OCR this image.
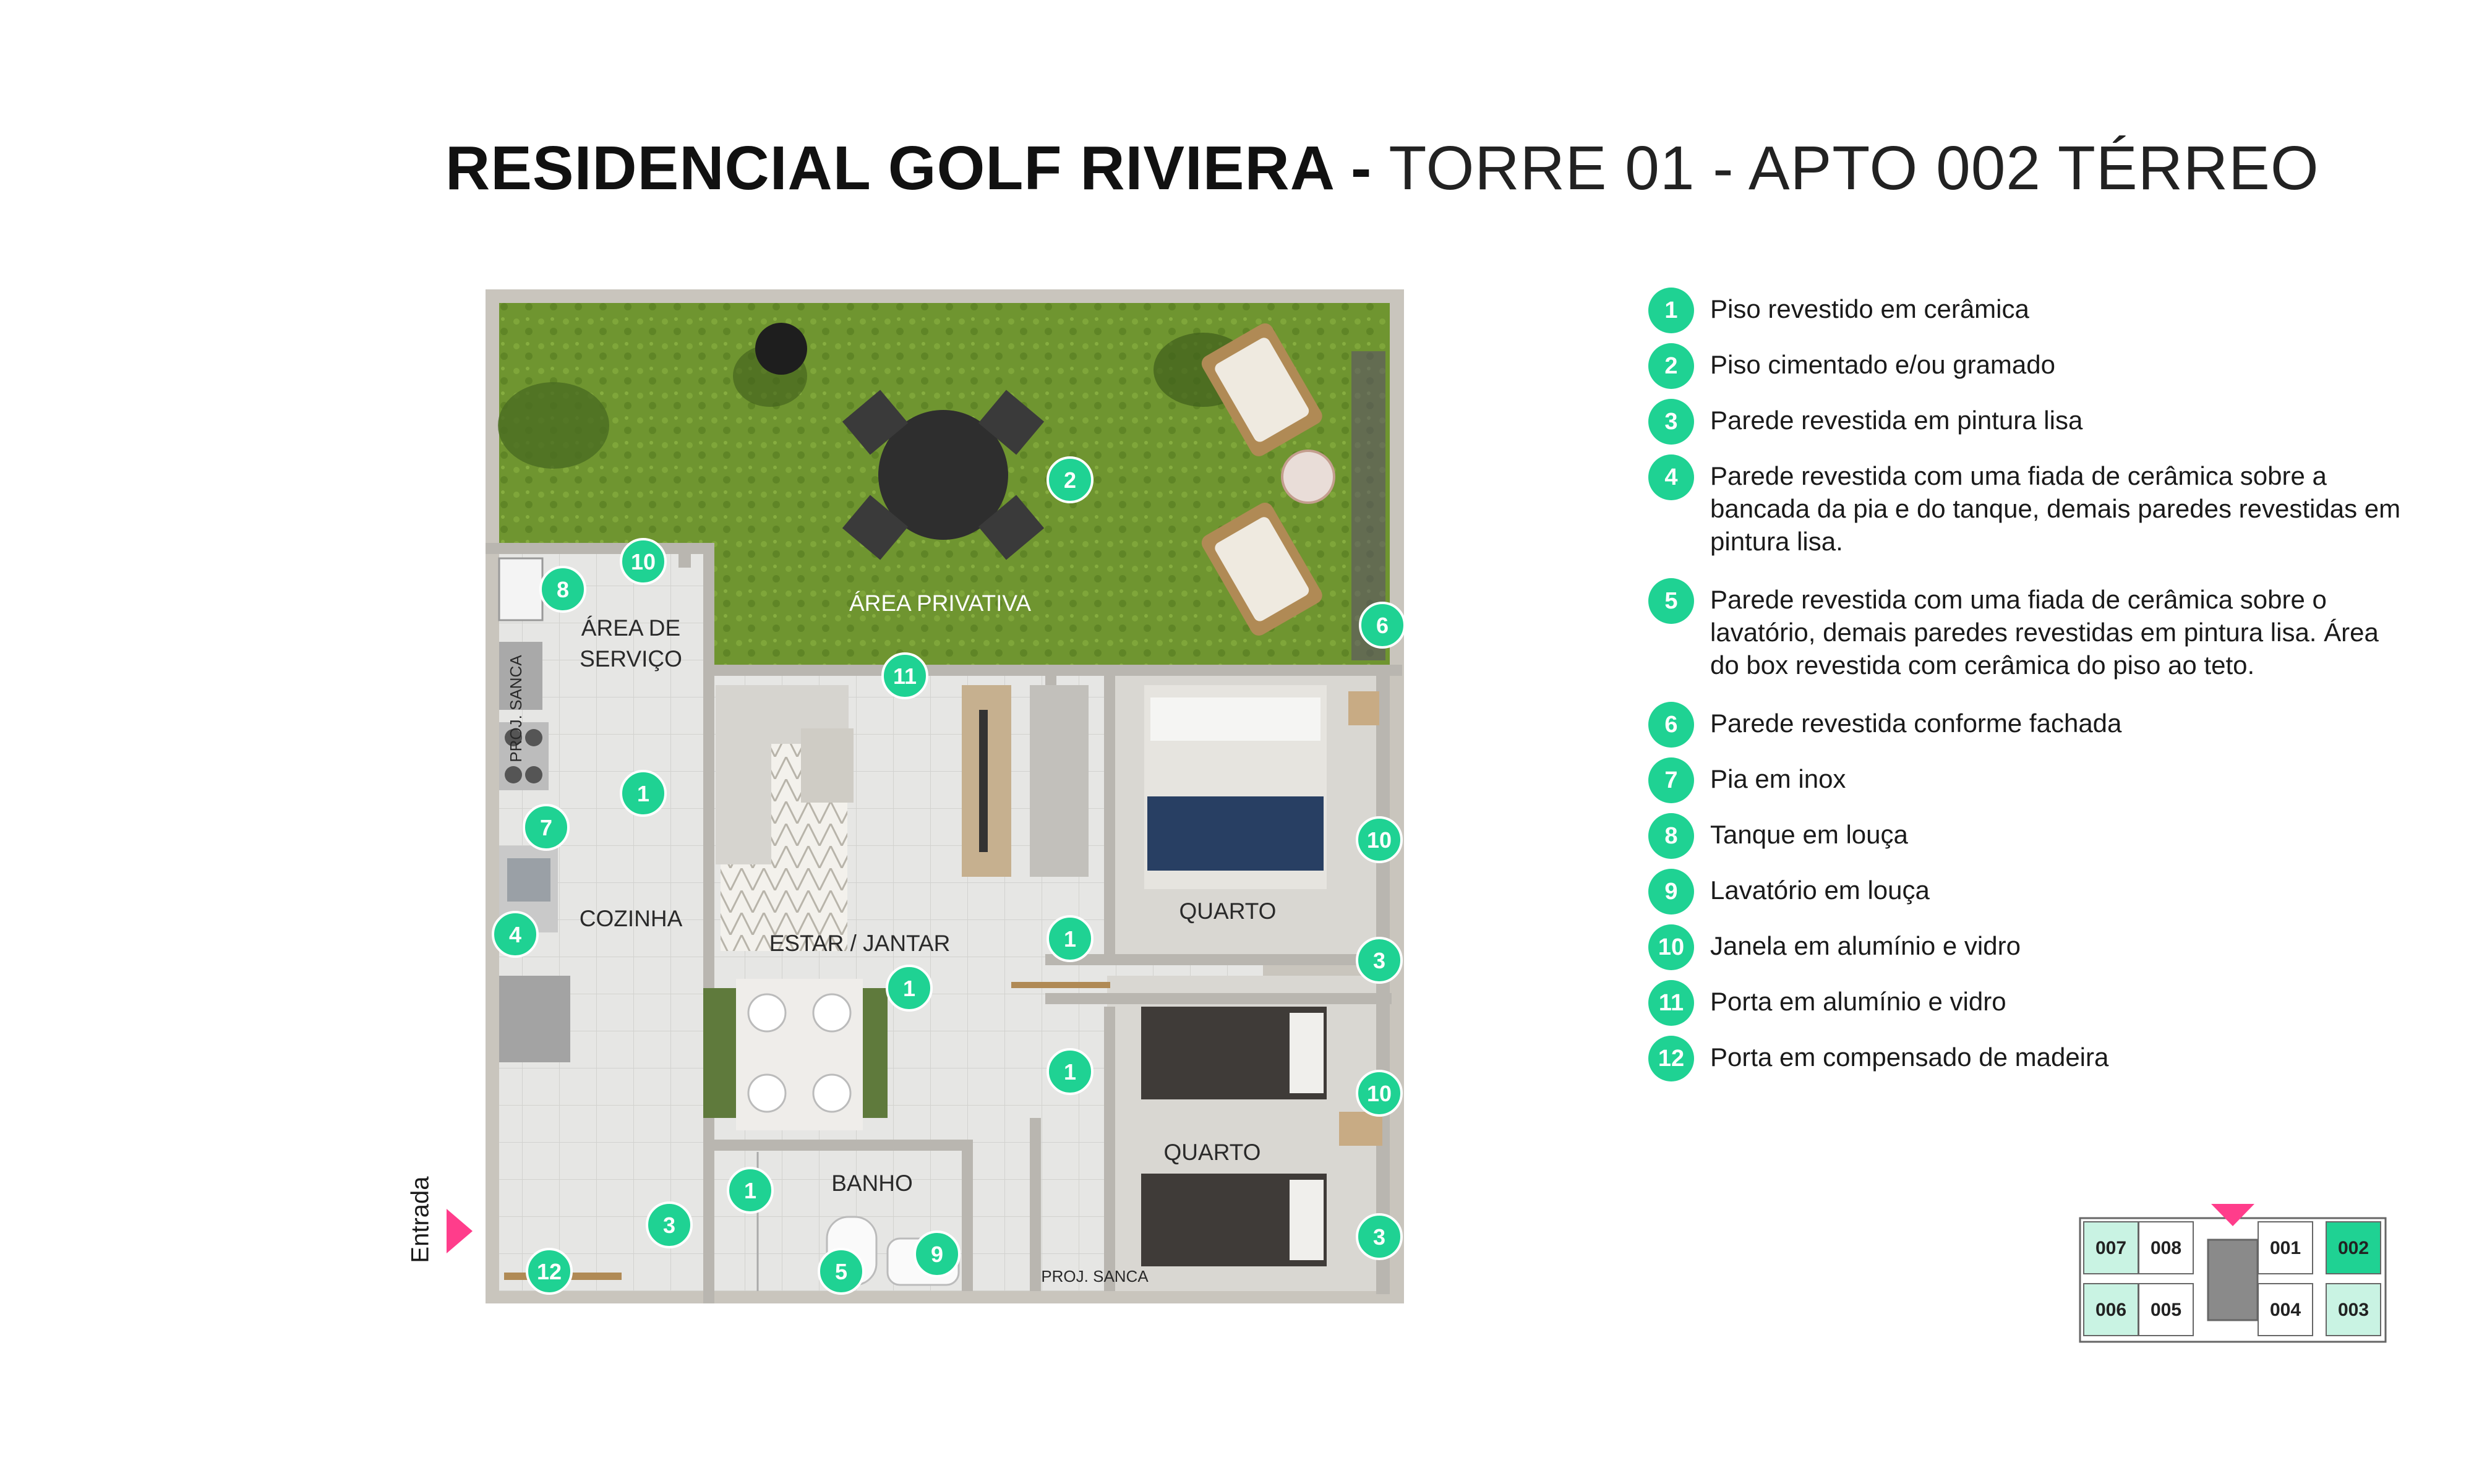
RESIDENCIAL GOLF RIVIERA - TORRE 01 - APTO 002 TÉRREO
ÁREA PRIVATIVA
ÁREA DE
SERVIÇO
COZINHA
ESTAR / JANTAR
QUARTO
QUARTO
BANHO
PROJ. SANCA
PROJ. SANCA
10
8
1
7
4
3
12
2
6
11
1
1
1
1
5
9
10
3
10
3
Entrada
1	Piso revestido em cerâmica
2	Piso cimentado e/ou gramado
3	Parede revestida em pintura lisa
4	Parede revestida com uma fiada de cerâmica sobre a bancada da pia e do tanque, demais paredes revestidas em pintura lisa.
5	Parede revestida com uma fiada de cerâmica sobre o lavatório, demais paredes revestidas em pintura lisa. Área do box revestida com cerâmica do piso ao teto.
6	Parede revestida conforme fachada
7	Pia em inox
8	Tanque em louça
9	Lavatório em louça
10 Janela em alumínio e vidro
11	Porta em alumínio e vidro
12 Porta em compensado de madeira
007 008	001 002
006 005	004 003
